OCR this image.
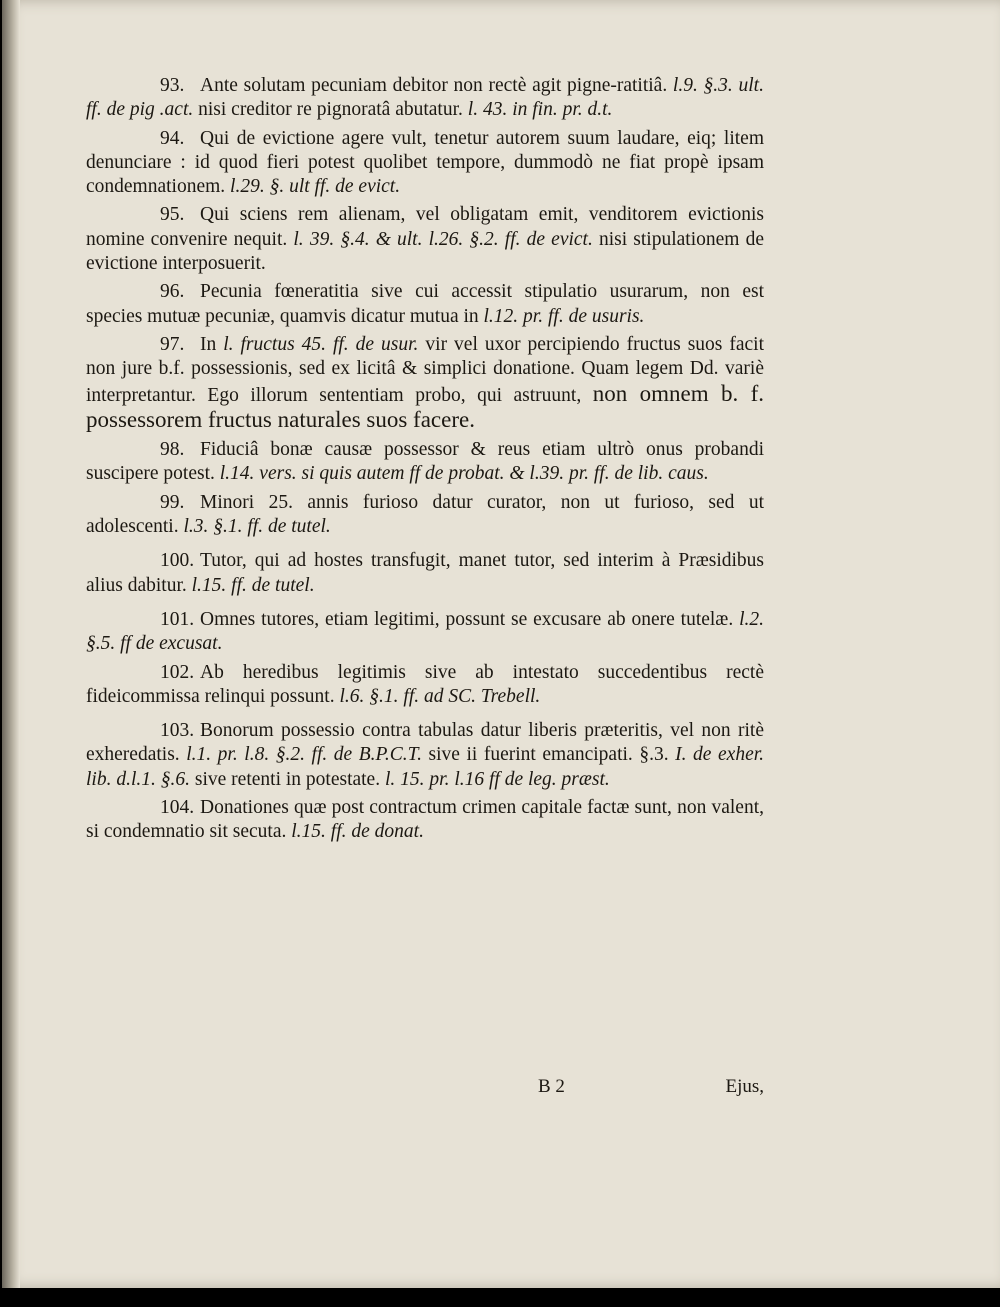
93. Ante solutam pecuniam debitor non rectè agit pigne-ratitiâ. l.9. §.3. ult. ff. de pig .act. nisi creditor re pignoratâ abutatur. l. 43. in fin. pr. d.t.

94. Qui de evictione agere vult, tenetur autorem suum laudare, eiq; litem denunciare : id quod fieri potest quolibet tempore, dummodò ne fiat propè ipsam condemnationem. l.29. §. ult ff. de evict.

95. Qui sciens rem alienam, vel obligatam emit, venditorem evictionis nomine convenire nequit. l. 39. §.4. & ult. l.26. §.2. ff. de evict. nisi stipulationem de evictione interposuerit.

96. Pecunia fœneratitia sive cui accessit stipulatio usurarum, non est species mutuæ pecuniæ, quamvis dicatur mutua in l.12. pr. ff. de usuris.

97. In l. fructus 45. ff. de usur. vir vel uxor percipiendo fructus suos facit non jure b.f. possessionis, sed ex licitâ & simplici donatione. Quam legem Dd. variè interpretantur. Ego illorum sententiam probo, qui astruunt, non omnem b. f. possessorem fructus naturales suos facere.

98. Fiduciâ bonæ causæ possessor & reus etiam ultrò onus probandi suscipere potest. l.14. vers. si quis autem ff de probat. & l.39. pr. ff. de lib. caus.

99. Minori 25. annis furioso datur curator, non ut furioso, sed ut adolescenti. l.3. §.1. ff. de tutel.

100. Tutor, qui ad hostes transfugit, manet tutor, sed interim à Præsidibus alius dabitur. l.15. ff. de tutel.

101. Omnes tutores, etiam legitimi, possunt se excusare ab onere tutelæ. l.2. §.5. ff de excusat.

102. Ab heredibus legitimis sive ab intestato succedentibus rectè fideicommissa relinqui possunt. l.6. §.1. ff. ad SC. Trebell.

103. Bonorum possessio contra tabulas datur liberis præteritis, vel non ritè exheredatis. l.1. pr. l.8. §.2. ff. de B.P.C.T. sive ii fuerint emancipati. §.3. I. de exher. lib. d.l.1. §.6. sive retenti in potestate. l. 15. pr. l.16 ff de leg. præst.

104. Donationes quæ post contractum crimen capitale factæ sunt, non valent, si condemnatio sit secuta. l.15. ff. de donat.

B 2	Ejus,
